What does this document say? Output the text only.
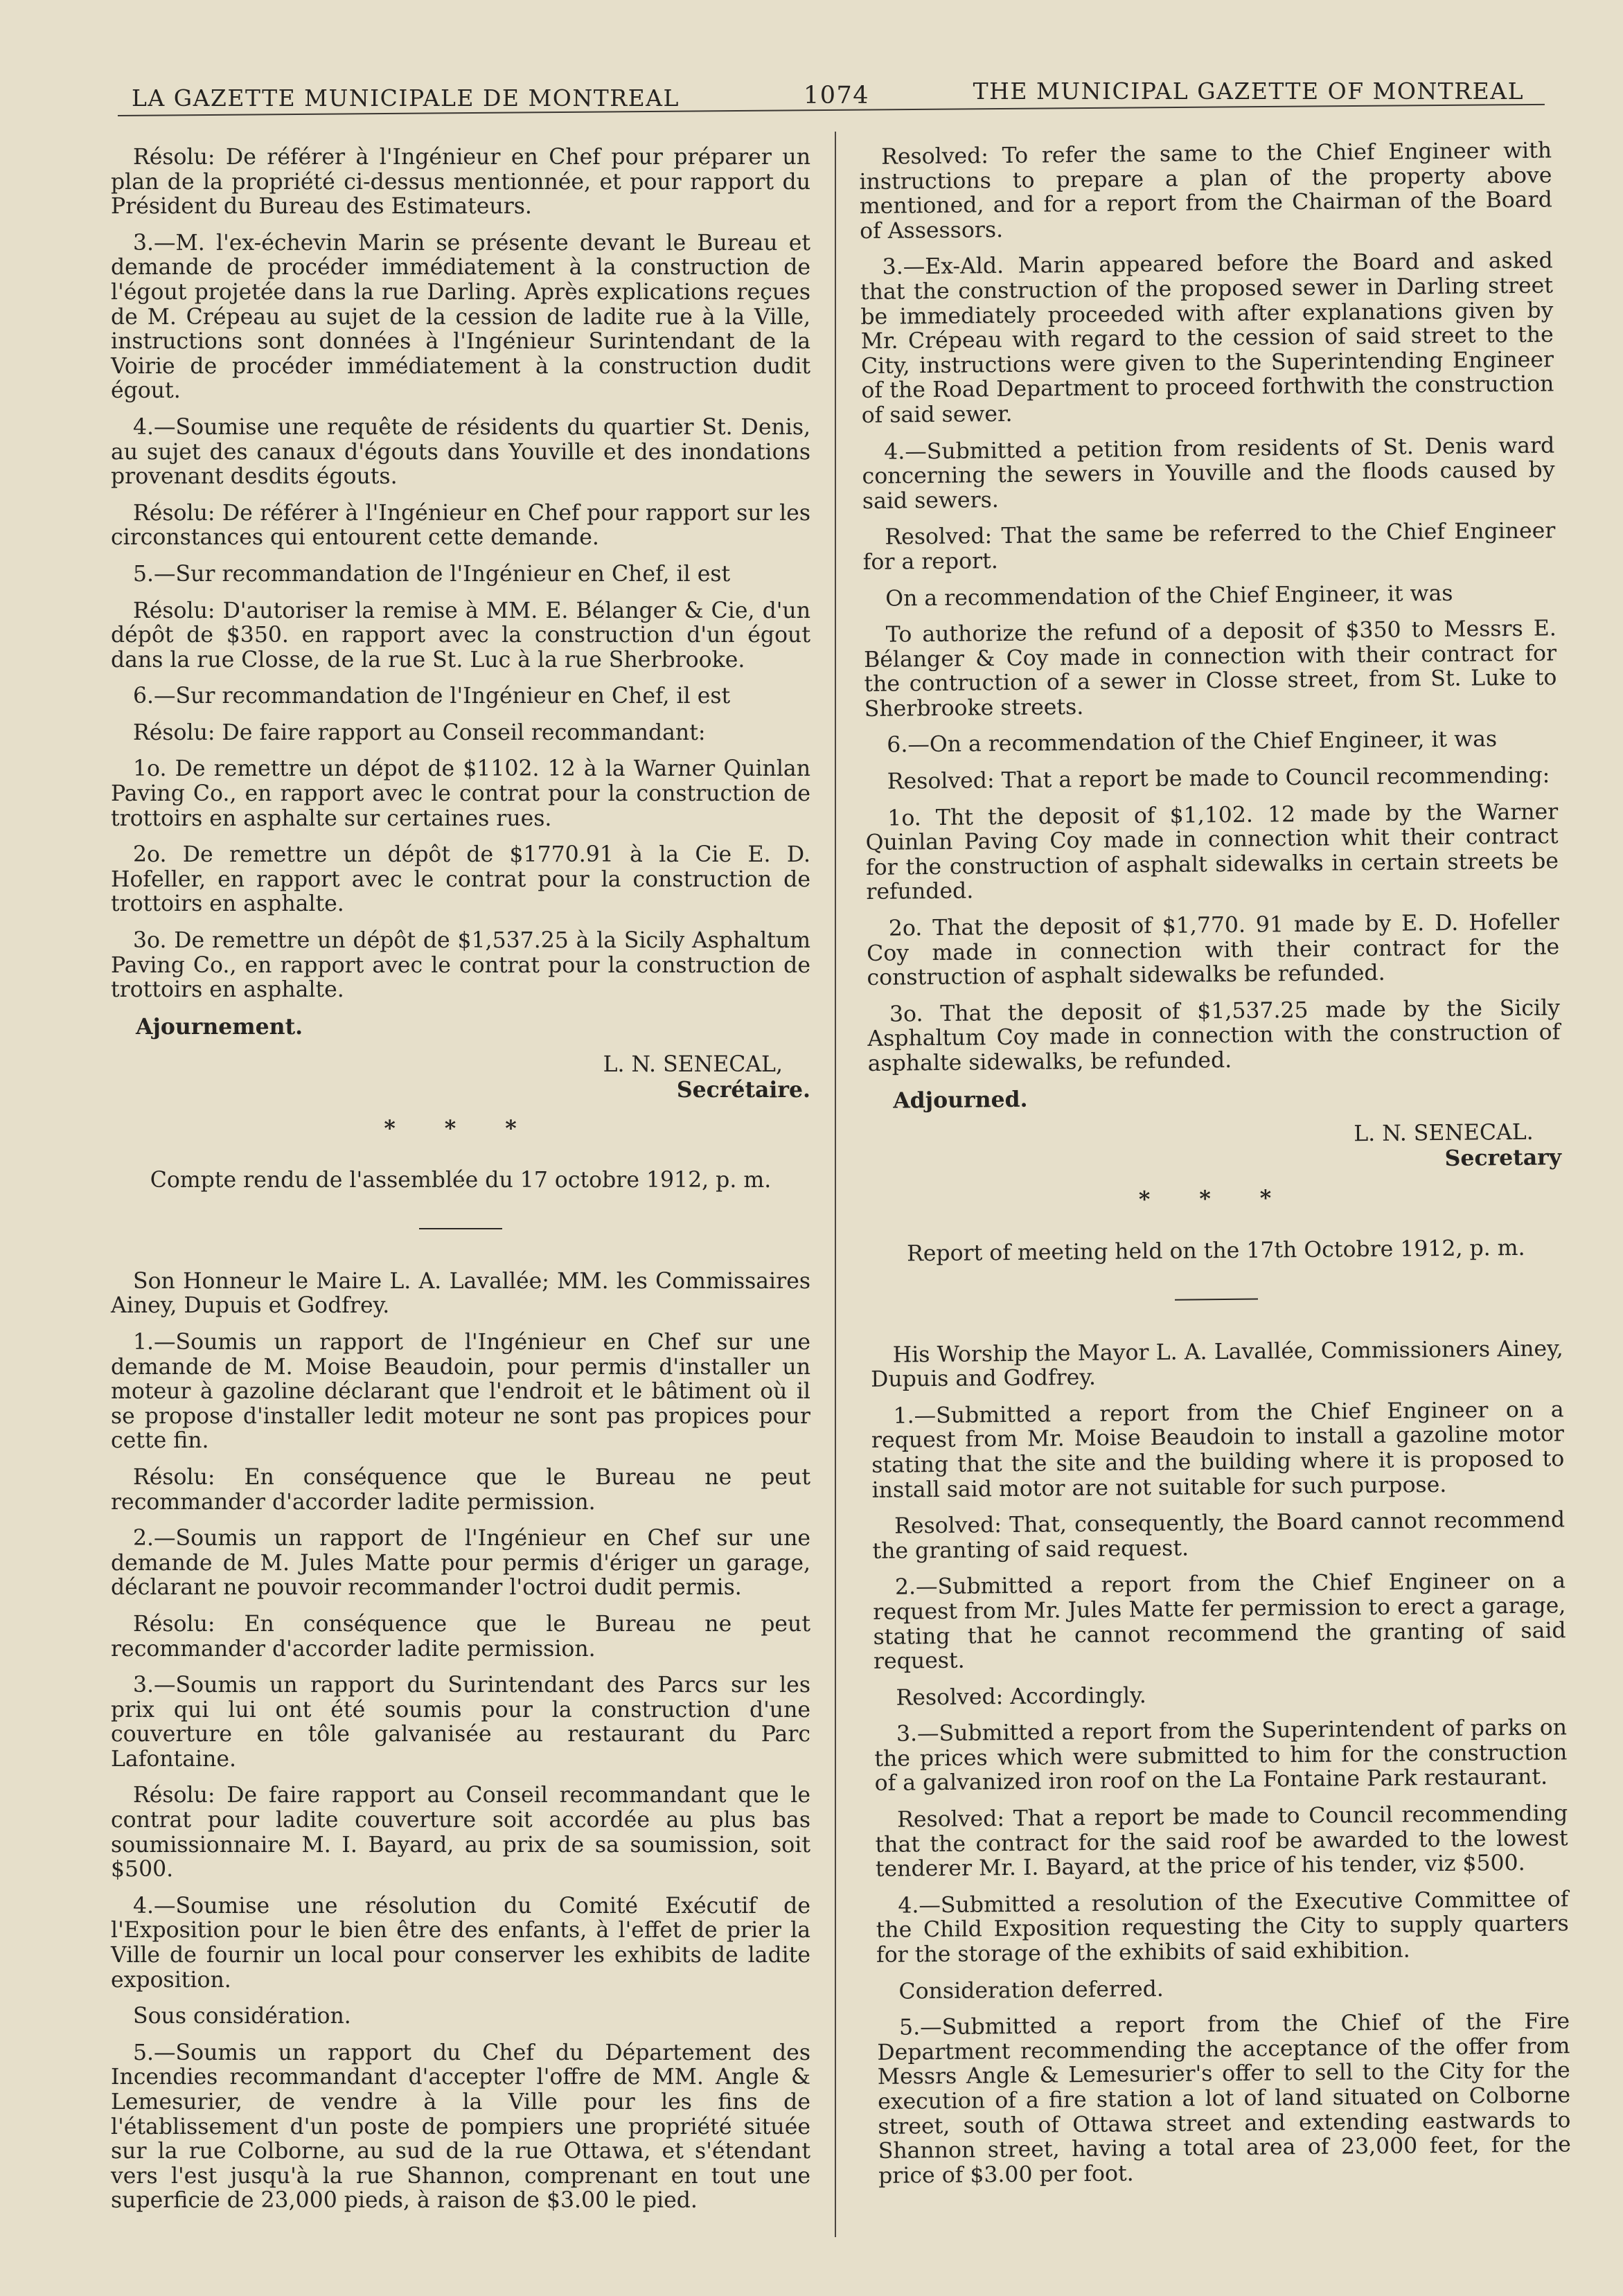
LA GAZETTE MUNICIPALE DE MONTREAL	1074	THE MUNICIPAL GAZETTE OF MONTREAL

Résolu: De référer à l'Ingénieur en Chef pour préparer un plan de la propriété ci-dessus mentionnée, et pour rapport du Président du Bureau des Estimateurs.

3.—M. l'ex-échevin Marin se présente devant le Bureau et demande de procéder immédiatement à la construction de l'égout projetée dans la rue Darling. Après explications reçues de M. Crépeau au sujet de la cession de ladite rue à la Ville, instructions sont données à l'Ingénieur Surintendant de la Voirie de procéder immédiatement à la construction dudit égout.

4.—Soumise une requête de résidents du quartier St. Denis, au sujet des canaux d'égouts dans Youville et des inondations provenant desdits égouts.

Résolu: De référer à l'Ingénieur en Chef pour rapport sur les circonstances qui entourent cette demande.

5.—Sur recommandation de l'Ingénieur en Chef, il est

Résolu: D'autoriser la remise à MM. E. Bélanger & Cie, d'un dépôt de $350. en rapport avec la construction d'un égout dans la rue Closse, de la rue St. Luc à la rue Sherbrooke.

6.—Sur recommandation de l'Ingénieur en Chef, il est

Résolu: De faire rapport au Conseil recommandant:

1o. De remettre un dépot de $1102. 12 à la Warner Quinlan Paving Co., en rapport avec le contrat pour la construction de trottoirs en asphalte sur certaines rues.

2o. De remettre un dépôt de $1770.91 à la Cie E. D. Hofeller, en rapport avec le contrat pour la construction de trottoirs en asphalte.

3o. De remettre un dépôt de $1,537.25 à la Sicily Asphaltum Paving Co., en rapport avec le contrat pour la construction de trottoirs en asphalte.

Ajournement.

L. N. SENECAL,

Secrétaire.

* * *

Compte rendu de l'assemblée du 17 octobre 1912, p. m.

Son Honneur le Maire L. A. Lavallée; MM. les Commissaires Ainey, Dupuis et Godfrey.

1.—Soumis un rapport de l'Ingénieur en Chef sur une demande de M. Moise Beaudoin, pour permis d'installer un moteur à gazoline déclarant que l'endroit et le bâtiment où il se propose d'installer ledit moteur ne sont pas propices pour cette fin.

Résolu: En conséquence que le Bureau ne peut recommander d'accorder ladite permission.

2.—Soumis un rapport de l'Ingénieur en Chef sur une demande de M. Jules Matte pour permis d'ériger un garage, déclarant ne pouvoir recommander l'octroi dudit permis.

Résolu: En conséquence que le Bureau ne peut recommander d'accorder ladite permission.

3.—Soumis un rapport du Surintendant des Parcs sur les prix qui lui ont été soumis pour la construction d'une couverture en tôle galvanisée au restaurant du Parc Lafontaine.

Résolu: De faire rapport au Conseil recommandant que le contrat pour ladite couverture soit accordée au plus bas soumissionnaire M. I. Bayard, au prix de sa soumission, soit $500.

4.—Soumise une résolution du Comité Exécutif de l'Exposition pour le bien être des enfants, à l'effet de prier la Ville de fournir un local pour conserver les exhibits de ladite exposition.

Sous considération.

5.—Soumis un rapport du Chef du Département des Incendies recommandant d'accepter l'offre de MM. Angle & Lemesurier, de vendre à la Ville pour les fins de l'établissement d'un poste de pompiers une propriété située sur la rue Colborne, au sud de la rue Ottawa, et s'étendant vers l'est jusqu'à la rue Shannon, comprenant en tout une superficie de 23,000 pieds, à raison de $3.00 le pied.

Resolved: To refer the same to the Chief Engineer with instructions to prepare a plan of the property above mentioned, and for a report from the Chairman of the Board of Assessors.

3.—Ex-Ald. Marin appeared before the Board and asked that the construction of the proposed sewer in Darling street be immediately proceeded with after explanations given by Mr. Crépeau with regard to the cession of said street to the City, instructions were given to the Superintending Engineer of the Road Department to proceed forthwith the construction of said sewer.

4.—Submitted a petition from residents of St. Denis ward concerning the sewers in Youville and the floods caused by said sewers.

Resolved: That the same be referred to the Chief Engineer for a report.

On a recommendation of the Chief Engineer, it was

To authorize the refund of a deposit of $350 to Messrs E. Bélanger & Coy made in connection with their contract for the contruction of a sewer in Closse street, from St. Luke to Sherbrooke streets.

6.—On a recommendation of the Chief Engineer, it was

Resolved: That a report be made to Council recommending:

1o. Tht the deposit of $1,102. 12 made by the Warner Quinlan Paving Coy made in connection whit their contract for the construction of asphalt sidewalks in certain streets be refunded.

2o. That the deposit of $1,770. 91 made by E. D. Hofeller Coy made in connection with their contract for the construction of asphalt sidewalks be refunded.

3o. That the deposit of $1,537.25 made by the Sicily Asphaltum Coy made in connection with the construction of asphalte sidewalks, be refunded.

Adjourned.

L. N. SENECAL.

Secretary

* * *

Report of meeting held on the 17th Octobre 1912, p. m.

His Worship the Mayor L. A. Lavallée, Commissioners Ainey, Dupuis and Godfrey.

1.—Submitted a report from the Chief Engineer on a request from Mr. Moise Beaudoin to install a gazoline motor stating that the site and the building where it is proposed to install said motor are not suitable for such purpose.

Resolved: That, consequently, the Board cannot recommend the granting of said request.

2.—Submitted a report from the Chief Engineer on a request from Mr. Jules Matte fer permission to erect a garage, stating that he cannot recommend the granting of said request.

Resolved: Accordingly.

3.—Submitted a report from the Superintendent of parks on the prices which were submitted to him for the construction of a galvanized iron roof on the La Fontaine Park restaurant.

Resolved: That a report be made to Council recommending that the contract for the said roof be awarded to the lowest tenderer Mr. I. Bayard, at the price of his tender, viz $500.

4.—Submitted a resolution of the Executive Committee of the Child Exposition requesting the City to supply quarters for the storage of the exhibits of said exhibition.

Consideration deferred.

5.—Submitted a report from the Chief of the Fire Department recommending the acceptance of the offer from Messrs Angle & Lemesurier's offer to sell to the City for the execution of a fire station a lot of land situated on Colborne street, south of Ottawa street and extending eastwards to Shannon street, having a total area of 23,000 feet, for the price of $3.00 per foot.
